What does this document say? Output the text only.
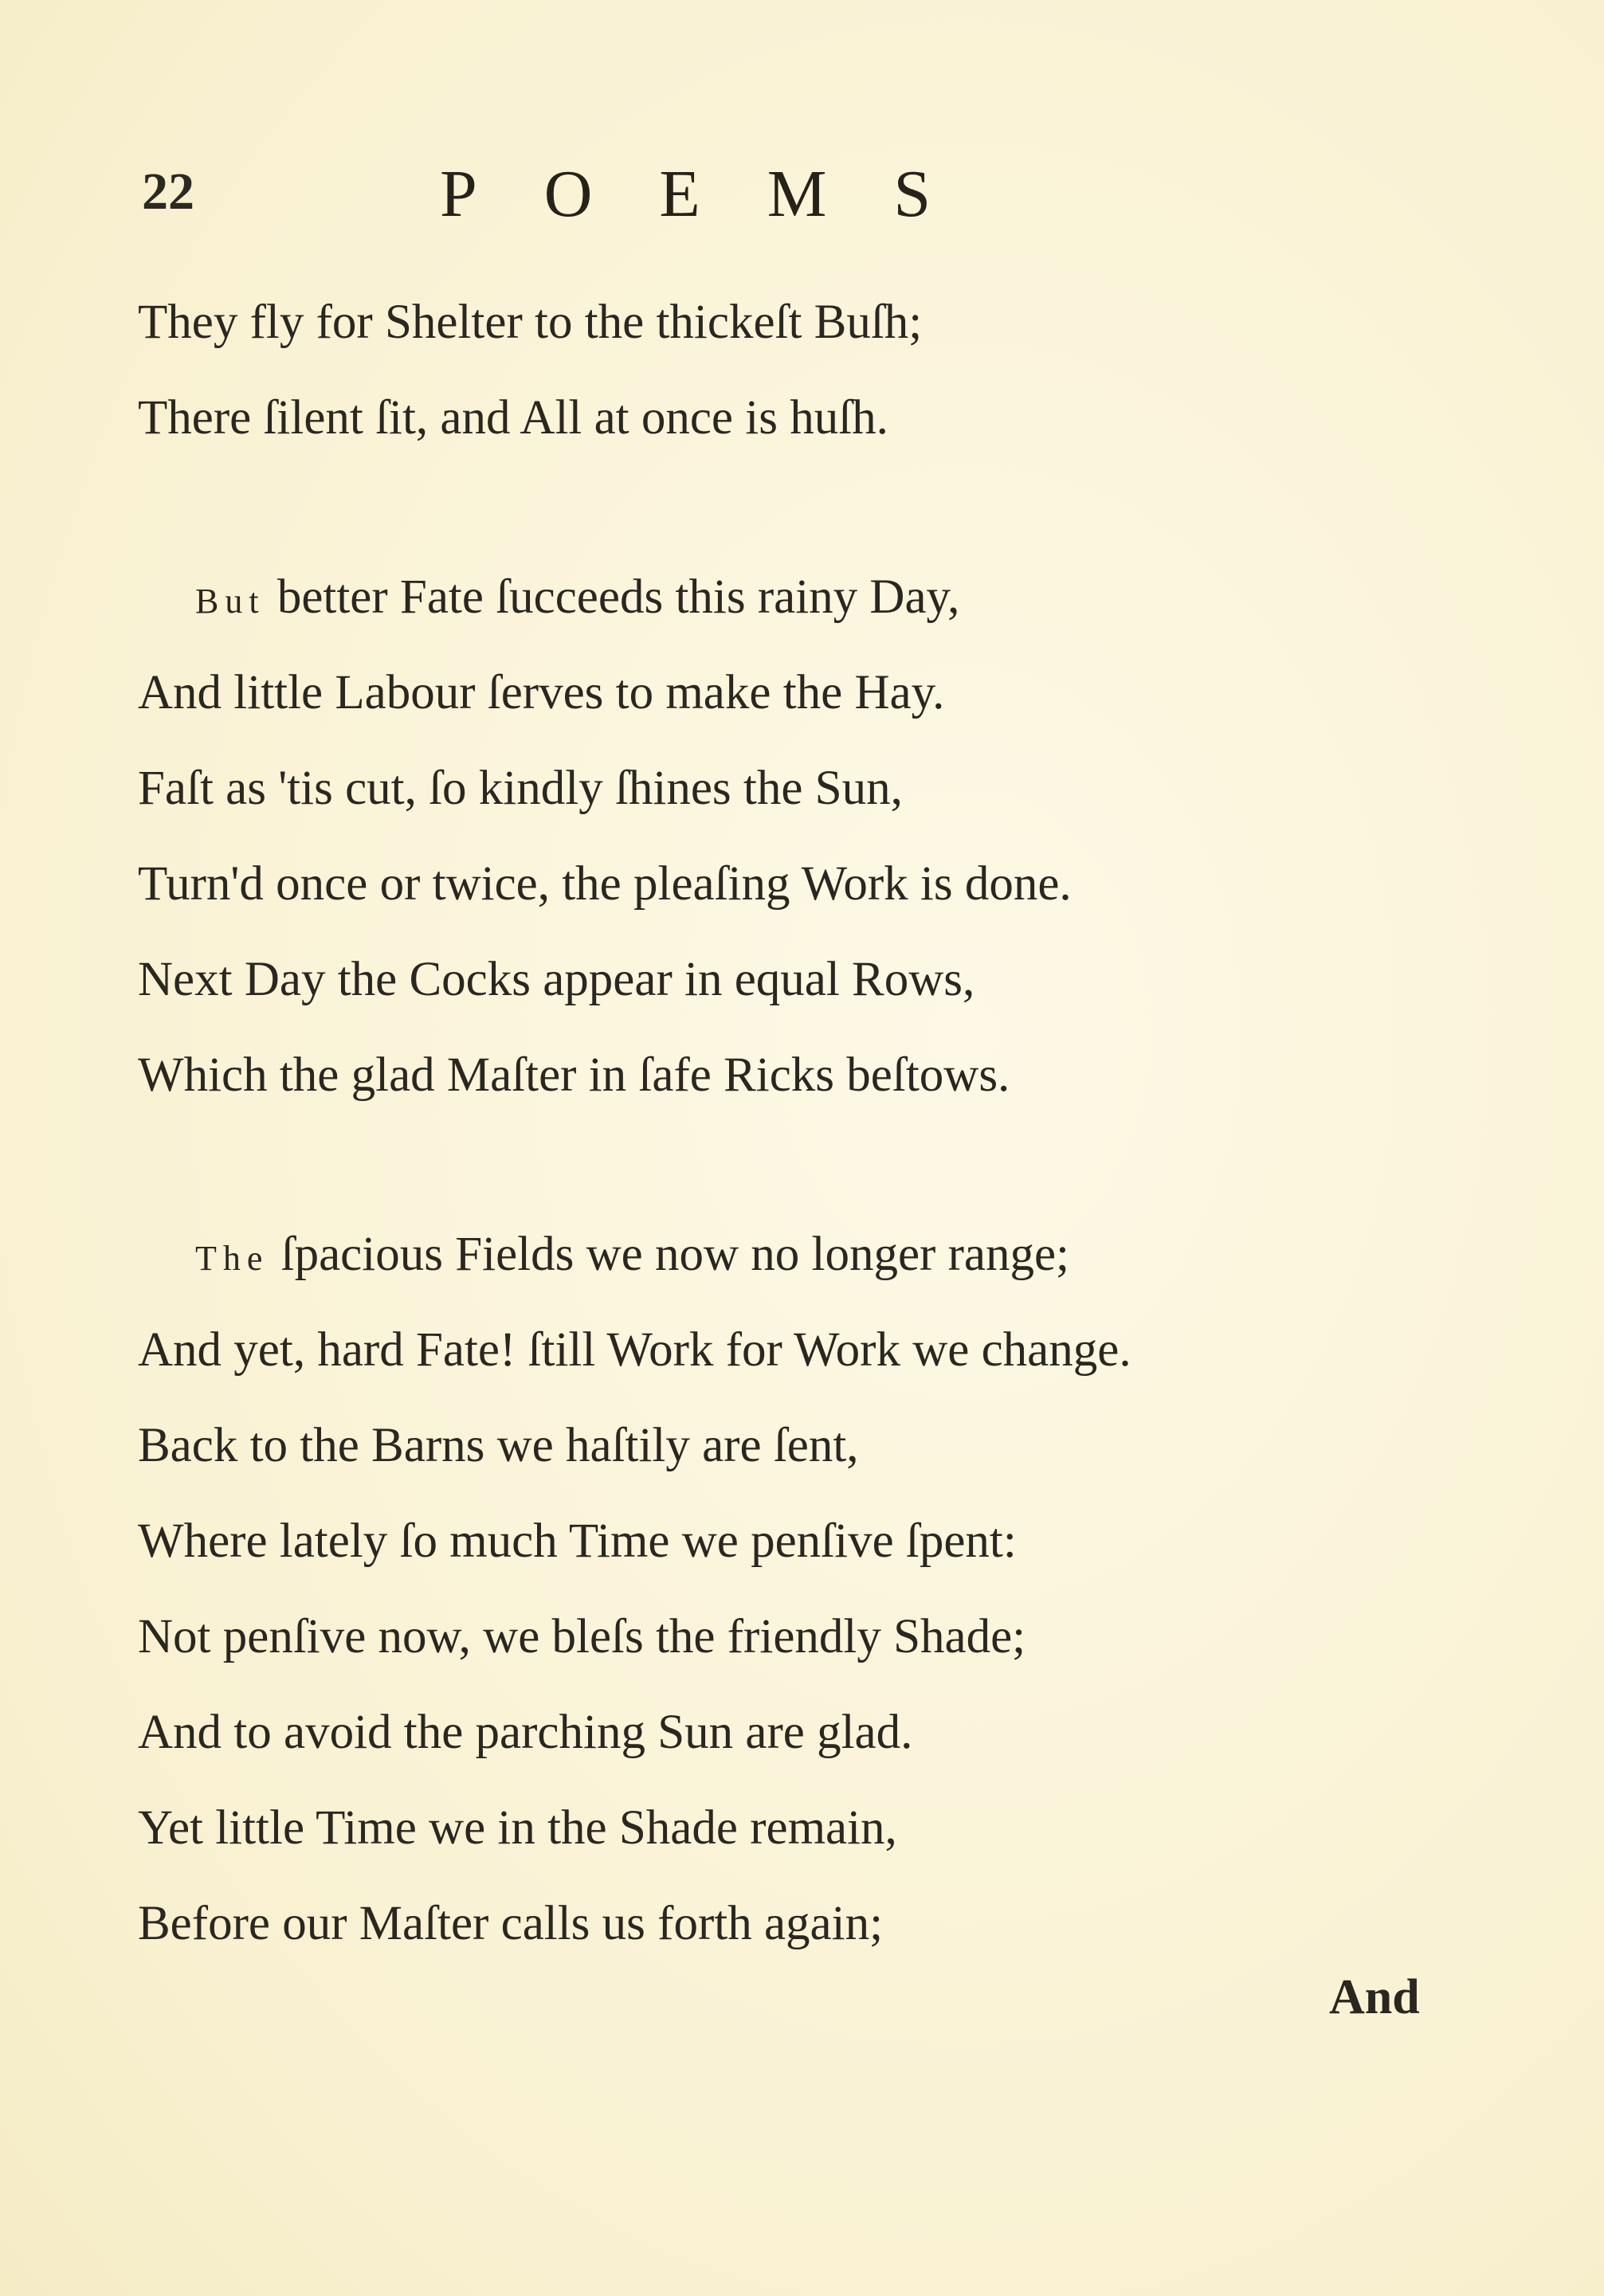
22	POEMS
They fly for Shelter to the thickeſt Buſh;
There ſilent ſit, and All at once is huſh.
But better Fate ſucceeds this rainy Day,
And little Labour ſerves to make the Hay.
Faſt as 'tis cut, ſo kindly ſhines the Sun,
Turn'd once or twice, the pleaſing Work is done.
Next Day the Cocks appear in equal Rows,
Which the glad Maſter in ſafe Ricks beſtows.
The ſpacious Fields we now no longer range;
And yet, hard Fate! ſtill Work for Work we change.
Back to the Barns we haſtily are ſent,
Where lately ſo much Time we penſive ſpent:
Not penſive now, we bleſs the friendly Shade;
And to avoid the parching Sun are glad.
Yet little Time we in the Shade remain,
Before our Maſter calls us forth again;
And
